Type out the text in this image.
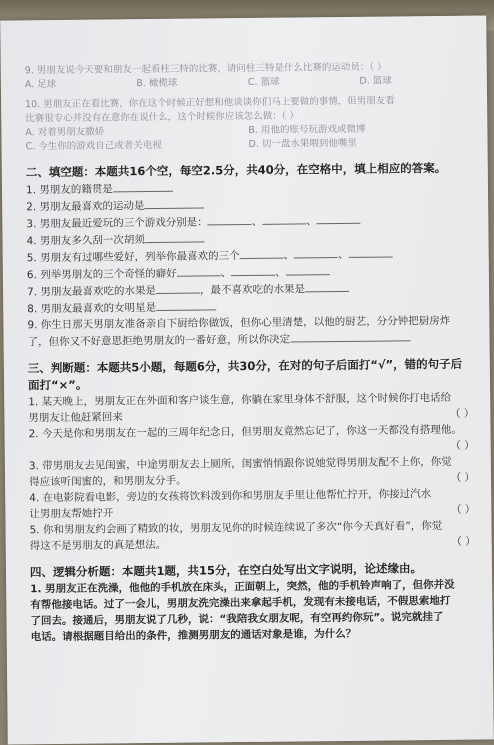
9. 男朋友说今天要和朋友一起看柱三特的比赛，请问柱三特是什么比赛的运动员：（ ）
A. 足球	B. 橄榄球	C. 篮球	D. 篮球
10. 男朋友正在看比赛，你在这个时候正好想和他谈谈你们马上要做的事情，但男朋友看
比赛很专心并没有在意你在说什么，这个时候你应该怎么做：（ ）
A. 对着男朋友撒娇	B. 用他的账号玩游戏或微博
C. 今生你的游戏自己或者关电视	D. 切一盘水果喂到他嘴里
二、填空题：本题共16个空，每空2.5分，共40分，在空格中，填上相应的答案。
1. 男朋友的籍贯是
2. 男朋友最喜欢的运动是
3. 男朋友最近爱玩的三个游戏分别是：	、	、
4. 男朋友多久刮一次胡须
5. 男朋友有过哪些爱好，列举你最喜欢的三个	、	、
6. 列举男朋友的三个奇怪的癖好	、	、
7. 男朋友最喜欢吃的水果是	，最不喜欢吃的水果是
8. 男朋友最喜欢的女明星是
9. 你生日那天男朋友准备亲自下厨给你做饭，但你心里清楚，以他的厨艺，分分钟把厨房炸
了，但你又不好意思拒绝男朋友的一番好意，所以你决定
三、判断题：本题共5小题，每题6分，共30分，在对的句子后面打“√”，错的句子后
面打“×”。
1. 某天晚上，男朋友正在外面和客户谈生意，你躺在家里身体不舒服，这个时候你打电话给
男朋友让他赶紧回来	（ ）
2. 今天是你和男朋友在一起的三周年纪念日，但男朋友竟然忘记了，你这一天都没有搭理他。
（ ）
3. 带男朋友去见闺蜜，中途男朋友去上厕所，闺蜜悄悄跟你说她觉得男朋友配不上你，你觉
得应该听闺蜜的，和男朋友分手。	（ ）
4. 在电影院看电影，旁边的女孩将饮料泼到你和男朋友手里让他帮忙拧开，你接过汽水
让男朋友帮她拧开	（ ）
5. 你和男朋友约会画了精致的妆，男朋友见你的时候连续说了多次“你今天真好看”，你觉
得这不是男朋友的真是想法。	（ ）
四、逻辑分析题：本题共1题，共15分，在空白处写出文字说明，论述缘由。
1. 男朋友正在洗澡，他他的手机放在床头，正面朝上，突然，他的手机铃声响了，但你并没
有帮他接电话。过了一会儿，男朋友洗完澡出来拿起手机，发现有未接电话，不假思索地打
了回去。接通后，男朋友说了几秒，说：“我陪我女朋友呢，有空再约你玩”。说完就挂了
电话。请根据题目给出的条件，推测男朋友的通话对象是谁，为什么？
